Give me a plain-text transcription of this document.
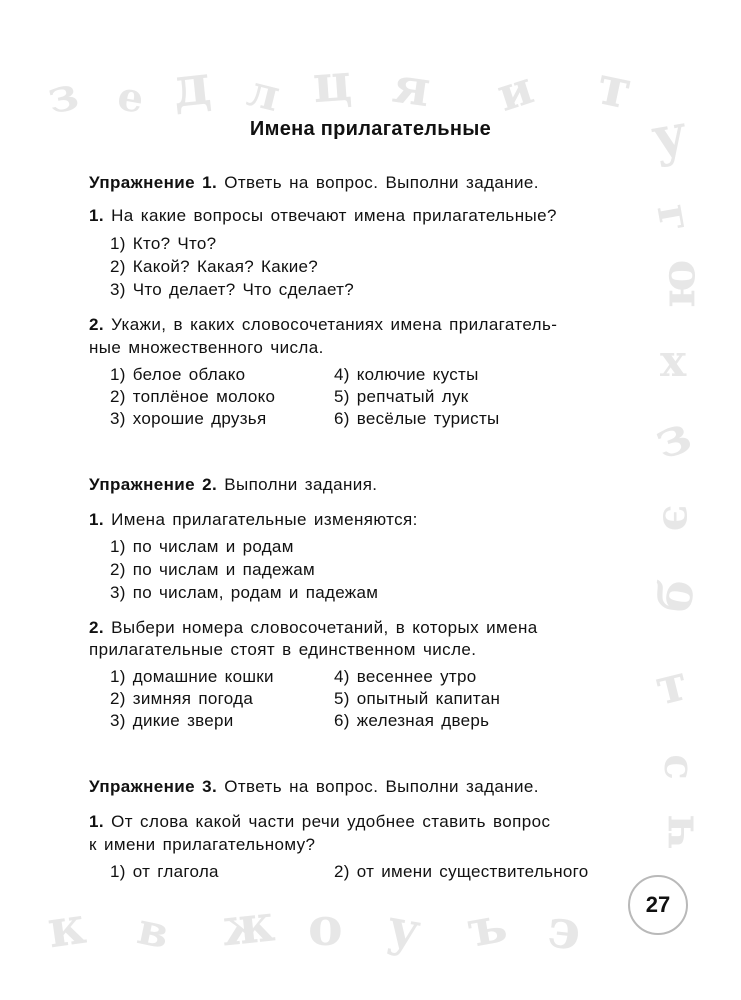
з е д л ц я и т
у
г
ю
х
з
э
б
т
с
ч
к в ж о у ъ э
Имена прилагательные
Упражнение 1. Ответь на вопрос. Выполни задание.
1. На какие вопросы отвечают имена прилагательные?
1) Кто? Что?
2) Какой? Какая? Какие?
3) Что делает? Что сделает?
2. Укажи, в каких словосочетаниях имена прилагатель-
ные множественного числа.
1) белое облако
2) топлёное молоко
3) хорошие друзья
4) колючие кусты
5) репчатый лук
6) весёлые туристы
Упражнение 2. Выполни задания.
1. Имена прилагательные изменяются:
1) по числам и родам
2) по числам и падежам
3) по числам, родам и падежам
2. Выбери номера словосочетаний, в которых имена
прилагательные стоят в единственном числе.
1) домашние кошки
2) зимняя погода
3) дикие звери
4) весеннее утро
5) опытный капитан
6) железная дверь
Упражнение 3. Ответь на вопрос. Выполни задание.
1. От слова какой части речи удобнее ставить вопрос
к имени прилагательному?
1) от глагола	2) от имени существительного
27
